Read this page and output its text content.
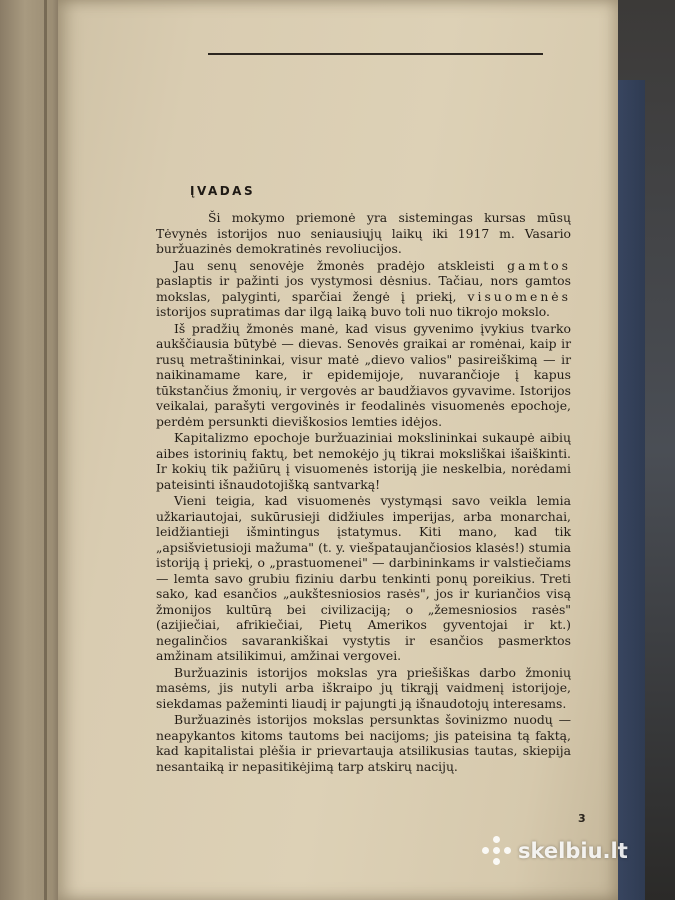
ĮVADAS

Ši mokymo priemonė yra sistemingas kursas mūsų Tėvynės istorijos nuo seniausiųjų laikų iki 1917 m. Vasario buržuazinės demokratinės revoliucijos.

Jau senų senovėje žmonės pradėjo atskleisti gamtos paslaptis ir pažinti jos vystymosi dėsnius. Tačiau, nors gamtos mokslas, palyginti, sparčiai žengė į priekį, visuomenės istorijos supratimas dar ilgą laiką buvo toli nuo tikrojo mokslo.

Iš pradžių žmonės manė, kad visus gyvenimo įvykius tvarko aukščiausia būtybė — dievas. Senovės graikai ar romėnai, kaip ir rusų metraštininkai, visur matė „dievo valios" pasireiškimą — ir naikinamame kare, ir epidemijoje, nuvarančioje į kapus tūkstančius žmonių, ir vergovės ar baudžiavos gyvavime. Istorijos veikalai, parašyti vergovinės ir feodalinės visuomenės epochoje, perdėm persunkti dieviškosios lemties idėjos.

Kapitalizmo epochoje buržuaziniai mokslininkai sukaupė aibių aibes istorinių faktų, bet nemokėjo jų tikrai moksliškai išaiškinti. Ir kokių tik pažiūrų į visuomenės istoriją jie neskelbia, norėdami pateisinti išnaudotojišką santvarką!

Vieni teigia, kad visuomenės vystymąsi savo veikla lemia užkariautojai, sukūrusieji didžiules imperijas, arba monarchai, leidžiantieji išmintingus įstatymus. Kiti mano, kad tik „apsišvietusioji mažuma" (t. y. viešpataujančiosios klasės!) stumia istoriją į priekį, o „prastuomenei" — darbininkams ir valstiečiams — lemta savo grubiu fiziniu darbu tenkinti ponų poreikius. Treti sako, kad esančios „aukštesniosios rasės", jos ir kuriančios visą žmonijos kultūrą bei civilizaciją; o „žemesniosios rasės" (azijiečiai, afrikiečiai, Pietų Amerikos gyventojai ir kt.) negalinčios savarankiškai vystytis ir esančios pasmerktos amžinam atsilikimui, amžinai vergovei.

Buržuazinis istorijos mokslas yra priešiškas darbo žmonių masėms, jis nutyli arba iškraipo jų tikrąjį vaidmenį istorijoje, siekdamas pažeminti liaudį ir pajungti ją išnaudotojų interesams.

Buržuazinės istorijos mokslas persunktas šovinizmo nuodų — neapykantos kitoms tautoms bei nacijoms; jis pateisina tą faktą, kad kapitalistai plėšia ir prievartauja atsilikusias tautas, skiepija nesantaiką ir nepasitikėjimą tarp atskirų nacijų.

3
skelbiu.lt
